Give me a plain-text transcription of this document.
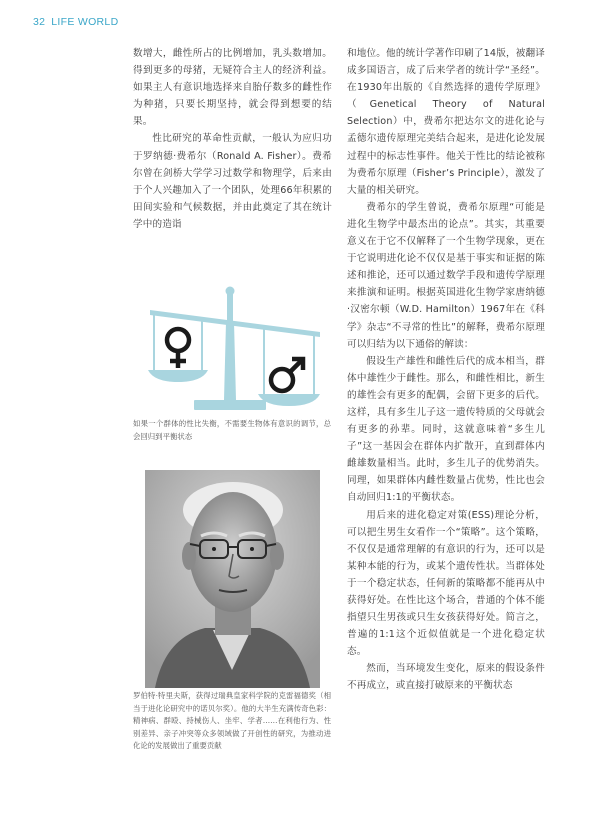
32 LIFE WORLD

数增大，雌性所占的比例增加，乳头数增加。得到更多的母猪，无疑符合主人的经济利益。如果主人有意识地选择来自胎仔数多的雌性作为种猪，只要长期坚持，就会得到想要的结果。

性比研究的革命性贡献，一般认为应归功于罗纳德·费希尔（Ronald A. Fisher）。费希尔曾在剑桥大学学习过数学和物理学，后来由于个人兴趣加入了一个团队，处理66年积累的田间实验和气候数据，并由此奠定了其在统计学中的造诣

和地位。他的统计学著作印刷了14版，被翻译成多国语言，成了后来学者的统计学“圣经”。在1930年出版的《自然选择的遗传学原理》（Genetical Theory of Natural Selection）中，费希尔把达尔文的进化论与孟德尔遗传原理完美结合起来，是进化论发展过程中的标志性事件。他关于性比的结论被称为费希尔原理（Fisher’s Principle），激发了大量的相关研究。

费希尔的学生曾说，费希尔原理“可能是进化生物学中最杰出的论点”。其实，其重要意义在于它不仅解释了一个生物学现象，更在于它说明进化论不仅仅是基于事实和证据的陈述和推论，还可以通过数学手段和遗传学原理来推演和证明。根据英国进化生物学家唐纳德·汉密尔顿（W.D. Hamilton）1967年在《科学》杂志“不寻常的性比”的解释，费希尔原理可以归结为以下通俗的解读：

假设生产雄性和雌性后代的成本相当，群体中雄性少于雌性。那么，和雌性相比，新生的雄性会有更多的配偶，会留下更多的后代。这样，具有多生儿子这一遗传特质的父母就会有更多的孙辈。同时，这就意味着“多生儿子”这一基因会在群体内扩散开，直到群体内雌雄数量相当。此时，多生儿子的优势消失。同理，如果群体内雌性数量占优势，性比也会自动回归1:1的平衡状态。

用后来的进化稳定对策(ESS)理论分析，可以把生男生女看作一个“策略”。这个策略，不仅仅是通常理解的有意识的行为，还可以是某种本能的行为，或某个遗传性状。当群体处于一个稳定状态，任何新的策略都不能再从中获得好处。在性比这个场合，普通的个体不能指望只生男孩或只生女孩获得好处。简言之，普遍的1:1这个近似值就是一个进化稳定状态。

然而，当环境发生变化，原来的假设条件不再成立，或直接打破原来的平衡状态

如果一个群体的性比失衡，不需要生物体有意识的调节，总会回归到平衡状态
罗伯特·特里夫斯，获得过瑞典皇家科学院的克雷福德奖（相当于进化论研究中的诺贝尔奖）。他的大半生充满传奇色彩：精神病、群殴、持械伤人、坐牢、学者……在利他行为、性别差异、亲子冲突等众多领域做了开创性的研究，为推动进化论的发展做出了重要贡献
